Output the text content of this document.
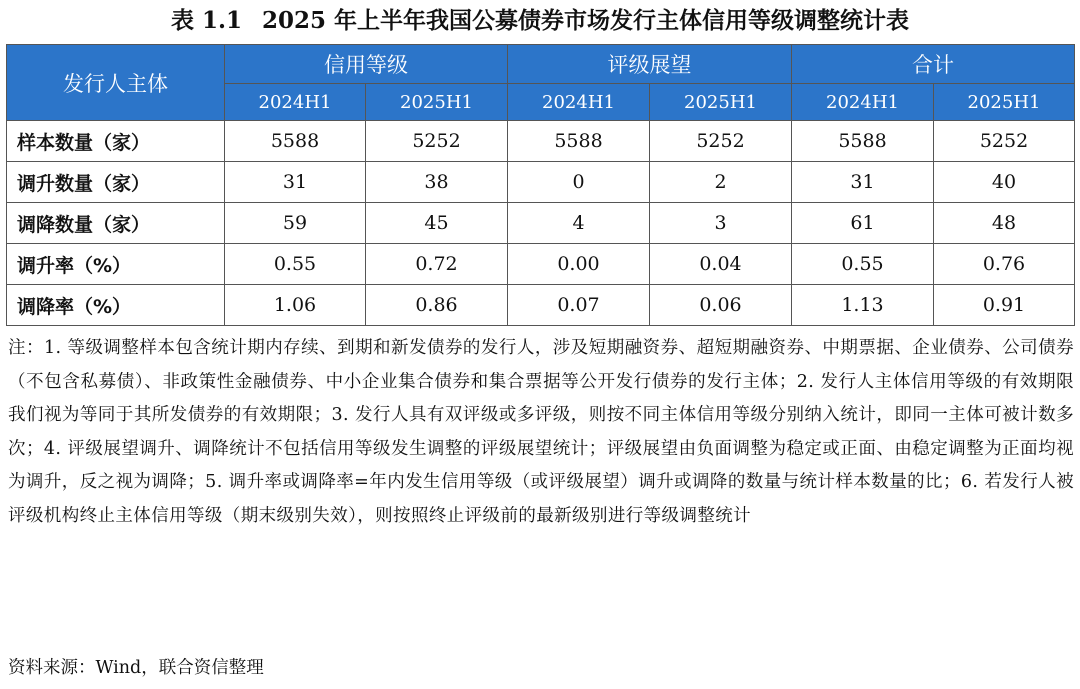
表 1.1 2025 年上半年我国公募债券市场发行主体信用等级调整统计表
发行人主体	信用等级		评级展望		合计	
	2024H1	2025H1	2024H1	2025H1	2024H1	2025H1
样本数量（家）	5588	5252	5588	5252	5588	5252
调升数量（家）	31	38	0	2	31	40
调降数量（家）	59	45	4	3	61	48
调升率（%）	0.55	0.72	0.00	0.04	0.55	0.76
调降率（%）	1.06	0.86	0.07	0.06	1.13	0.91
注：1. 等级调整样本包含统计期内存续、到期和新发债券的发行人，涉及短期融资券、超短期融资券、中期票据、企业债券、公司债券（不包含私募债）、非政策性金融债券、中小企业集合债券和集合票据等公开发行债券的发行主体；2. 发行人主体信用等级的有效期限我们视为等同于其所发债券的有效期限；3. 发行人具有双评级或多评级，则按不同主体信用等级分别纳入统计，即同一主体可被计数多次；4. 评级展望调升、调降统计不包括信用等级发生调整的评级展望统计；评级展望由负面调整为稳定或正面、由稳定调整为正面均视为调升，反之视为调降；5. 调升率或调降率=年内发生信用等级（或评级展望）调升或调降的数量与统计样本数量的比；6. 若发行人被评级机构终止主体信用等级（期末级别失效），则按照终止评级前的最新级别进行等级调整统计
资料来源：Wind，联合资信整理
